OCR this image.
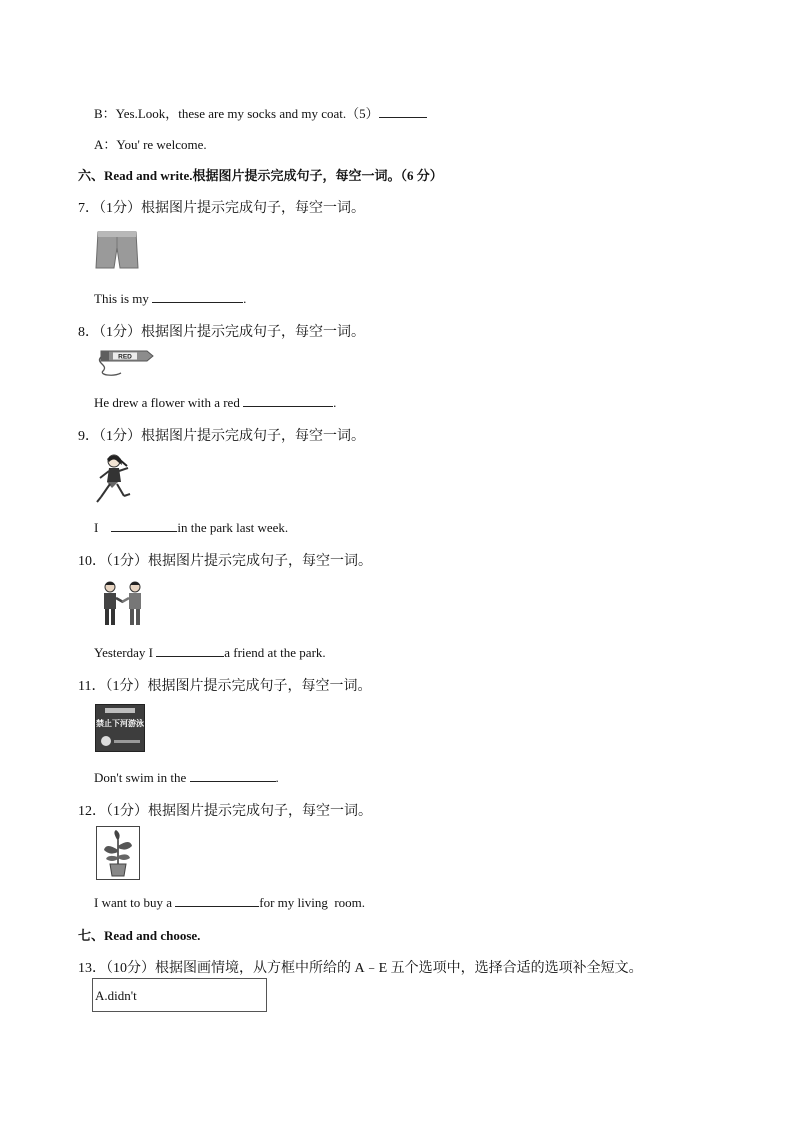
B：Yes.Look，these are my socks and my coat.（5）
A：You' re welcome.
六、Read and write.根据图片提示完成句子，每空一词。（6 分）
7．（1分）根据图片提示完成句子，每空一词。
This is my	.
8．（1分）根据图片提示完成句子，每空一词。
RED
He drew a flower with a red	.
9．（1分）根据图片提示完成句子，每空一词。
I	in the park last week.
10．（1分）根据图片提示完成句子，每空一词。
Yesterday I	a friend at the park.
11．（1分）根据图片提示完成句子，每空一词。
禁止下河游泳
Don't swim in the	.
12．（1分）根据图片提示完成句子，每空一词。
I want to buy a	for my living  room.
七、Read and choose.
13．（10分）根据图画情境，从方框中所给的 A﹣E 五个选项中，选择合适的选项补全短文。
A.didn't
